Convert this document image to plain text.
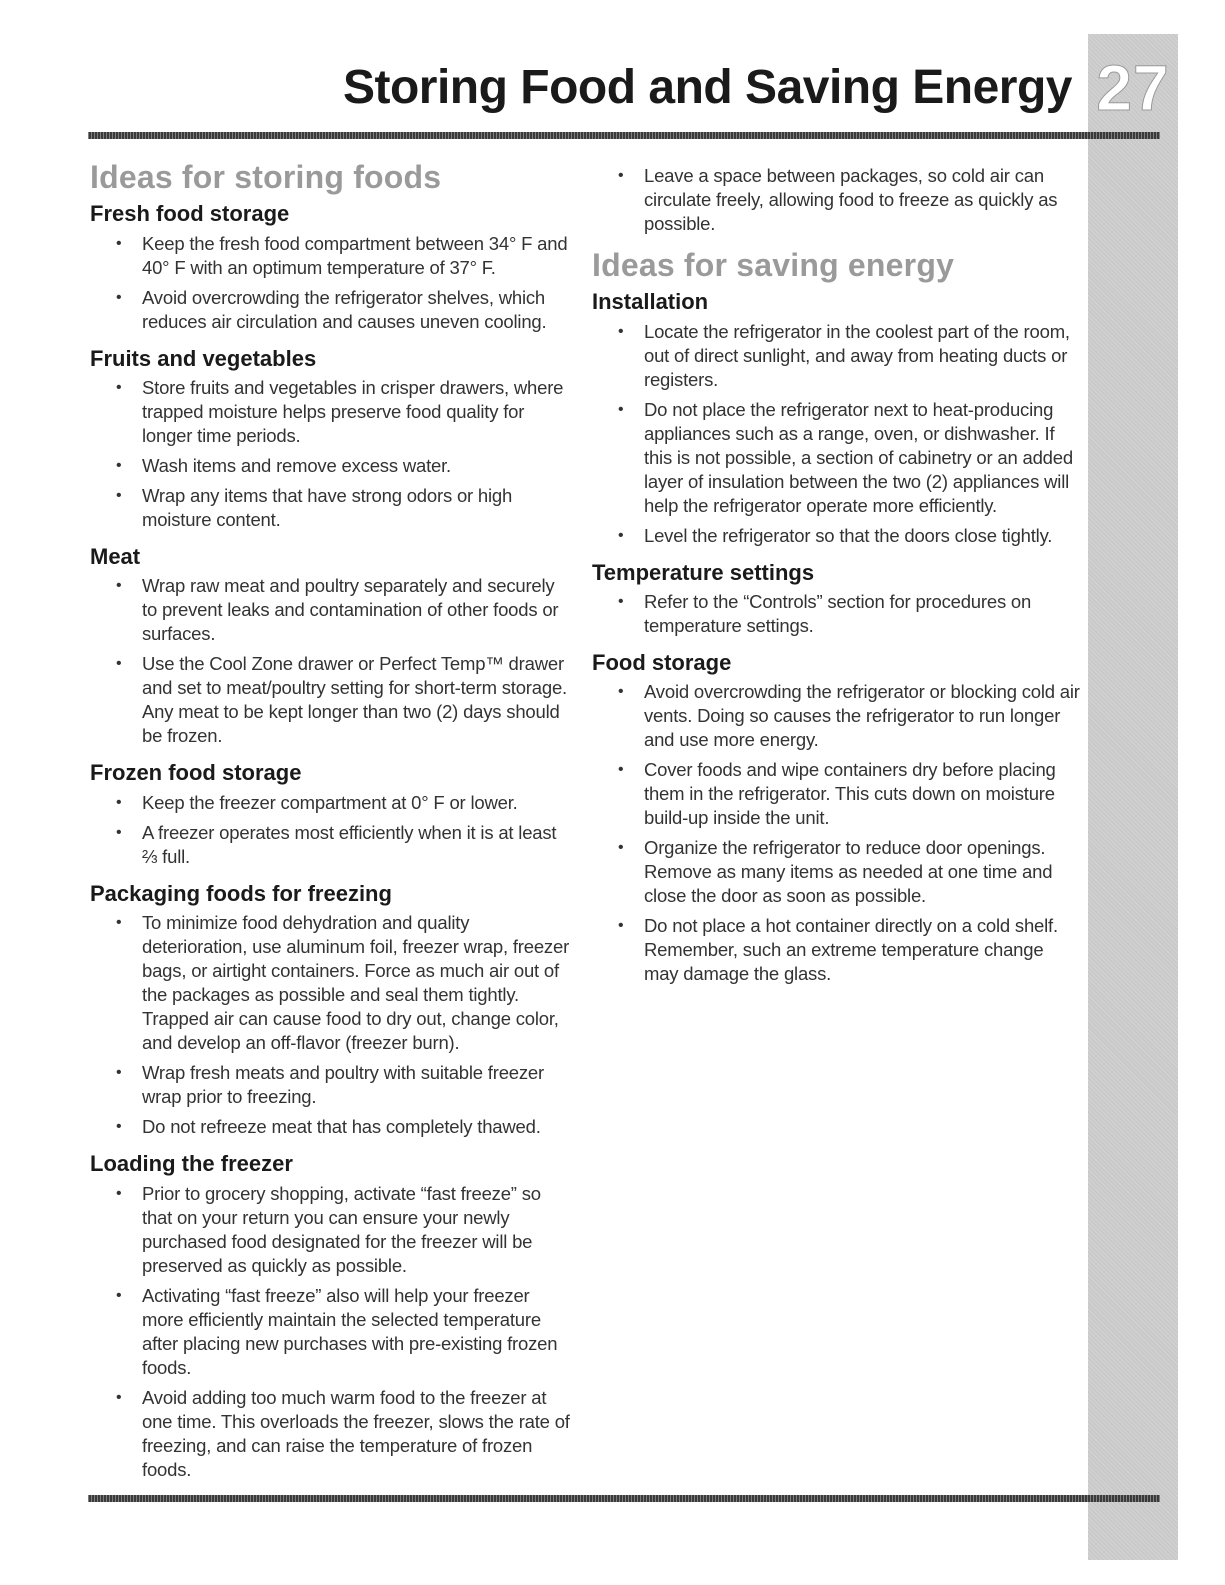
27
Storing Food and Saving Energy
Ideas for storing foods
Fresh food storage
• Keep the fresh food compartment between 34° F and 40° F with an optimum temperature of 37° F.
• Avoid overcrowding the refrigerator shelves, which reduces air circulation and causes uneven cooling.
Fruits and vegetables
• Store fruits and vegetables in crisper drawers, where trapped moisture helps preserve food quality for longer time periods.
• Wash items and remove excess water.
• Wrap any items that have strong odors or high moisture content.
Meat
• Wrap raw meat and poultry separately and securely to prevent leaks and contamination of other foods or surfaces.
• Use the Cool Zone drawer or Perfect Temp™ drawer and set to meat/poultry setting for short-term storage. Any meat to be kept longer than two (2) days should be frozen.
Frozen food storage
• Keep the freezer compartment at 0° F or lower.
• A freezer operates most efficiently when it is at least ⅔ full.
Packaging foods for freezing
• To minimize food dehydration and quality deterioration, use aluminum foil, freezer wrap, freezer bags, or airtight containers. Force as much air out of the packages as possible and seal them tightly. Trapped air can cause food to dry out, change color, and develop an off-flavor (freezer burn).
• Wrap fresh meats and poultry with suitable freezer wrap prior to freezing.
• Do not refreeze meat that has completely thawed.
Loading the freezer
• Prior to grocery shopping, activate “fast freeze” so that on your return you can ensure your newly purchased food designated for the freezer will be preserved as quickly as possible.
• Activating “fast freeze” also will help your freezer more efficiently maintain the selected temperature after placing new purchases with pre-existing frozen foods.
• Avoid adding too much warm food to the freezer at one time. This overloads the freezer, slows the rate of freezing, and can raise the temperature of frozen foods.
• Leave a space between packages, so cold air can circulate freely, allowing food to freeze as quickly as possible.
Ideas for saving energy
Installation
• Locate the refrigerator in the coolest part of the room, out of direct sunlight, and away from heating ducts or registers.
• Do not place the refrigerator next to heat-producing appliances such as a range, oven, or dishwasher. If this is not possible, a section of cabinetry or an added layer of insulation between the two (2) appliances will help the refrigerator operate more efficiently.
• Level the refrigerator so that the doors close tightly.
Temperature settings
• Refer to the “Controls” section for procedures on temperature settings.
Food storage
• Avoid overcrowding the refrigerator or blocking cold air vents. Doing so causes the refrigerator to run longer and use more energy.
• Cover foods and wipe containers dry before placing them in the refrigerator. This cuts down on moisture build-up inside the unit.
• Organize the refrigerator to reduce door openings. Remove as many items as needed at one time and close the door as soon as possible.
• Do not place a hot container directly on a cold shelf. Remember, such an extreme temperature change may damage the glass.
